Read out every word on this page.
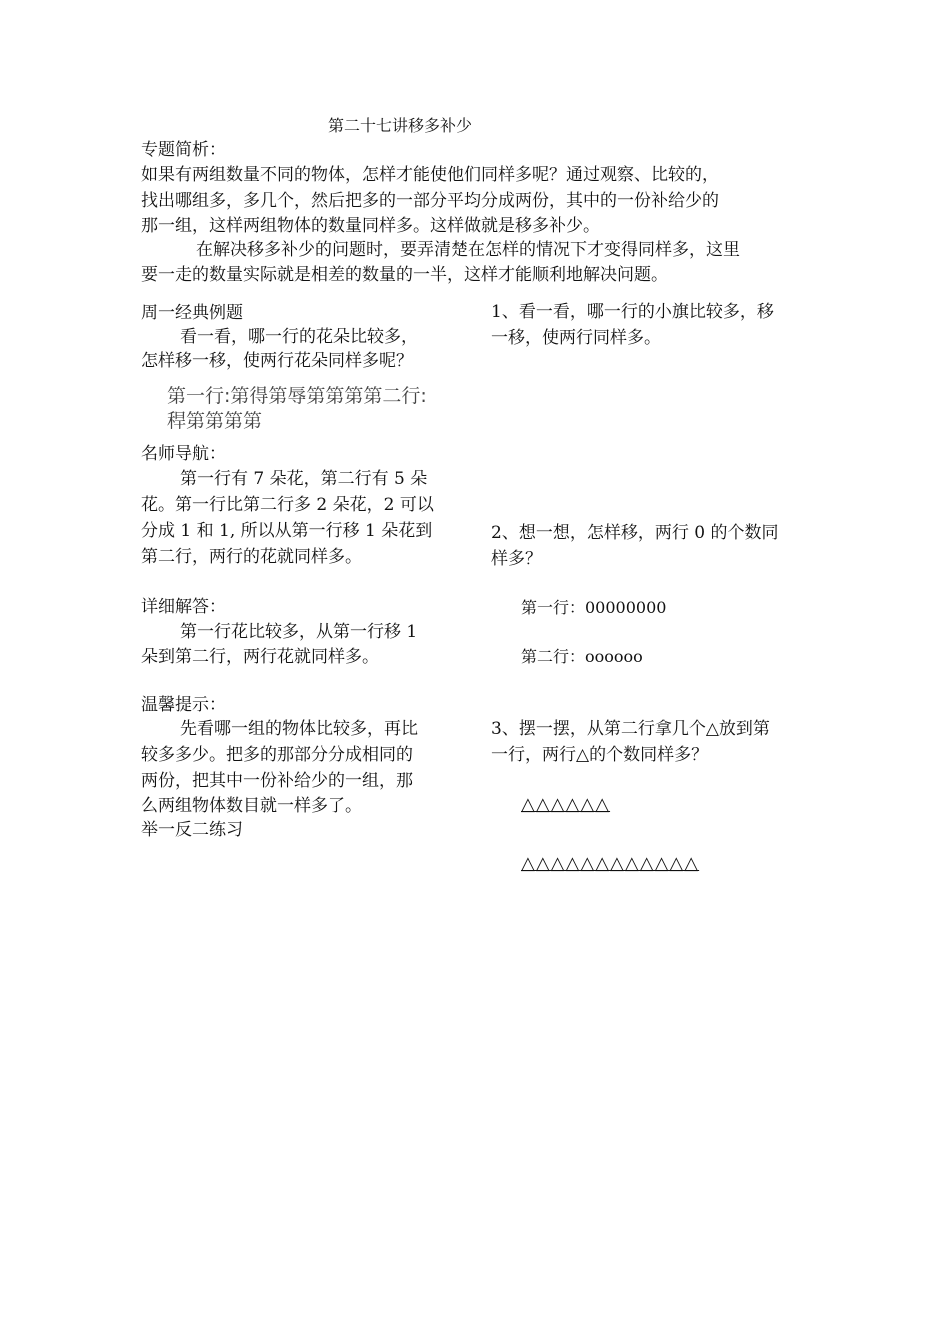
第二十七讲移多补少
专题简析：
如果有两组数量不同的物体，怎样才能使他们同样多呢？通过观察、比较的，
找出哪组多，多几个，然后把多的一部分平均分成两份，其中的一份补给少的
那一组，这样两组物体的数量同样多。这样做就是移多补少。
在解决移多补少的问题时，要弄清楚在怎样的情况下才变得同样多，这里
要一走的数量实际就是相差的数量的一半，这样才能顺利地解决问题。
周一经典例题
看一看，哪一行的花朵比较多，
怎样移一移，使两行花朵同样多呢？
第一行:第得第辱第第第第二行:
稈第第第第
名师导航：
第一行有 7 朵花，第二行有 5 朵
花。第一行比第二行多 2 朵花，2 可以
分成 1 和 1, 所以从第一行移 1 朵花到
第二行，两行的花就同样多。
详细解答：
第一行花比较多，从第一行移 1
朵到第二行，两行花就同样多。
温馨提示：
先看哪一组的物体比较多，再比
较多多少。把多的那部分分成相同的
两份，把其中一份补给少的一组，那
么两组物体数目就一样多了。
举一反二练习
1、看一看，哪一行的小旗比较多，移
一移，使两行同样多。
2、想一想，怎样移，两行 0 的个数同
样多？
第一行：00000000
第二行：oooooo
3、摆一摆，从第二行拿几个△放到第
一行，两行△的个数同样多？
△△△△△△
△△△△△△△△△△△△
